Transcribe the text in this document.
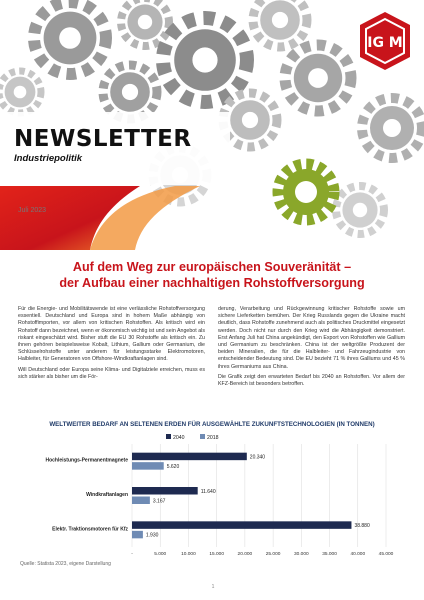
IG M
NEWSLETTER
Industriepolitik
Juli 2023
Auf dem Weg zur europäischen Souveränität –
der Aufbau einer nachhaltigen Rohstoffversorgung

Für die Energie- und Mobilitätswende ist eine verlässliche Rohstoffversorgung essentiell. Deutschland und Europa sind in hohem Maße abhängig von Rohstoffimporten, vor allem von kritischen Rohstoffen. Als kritisch wird ein Rohstoff dann bezeichnet, wenn er ökonomisch wichtig ist und sein Angebot als riskant eingeschätzt wird. Bisher stuft die EU 30 Rohstoffe als kritisch ein. Zu ihnen gehören beispielsweise Kobalt, Lithium, Gallium oder Germanium, die Schlüsselrohstoffe unter anderem für leistungsstarke Elektromotoren, Halbleiter, für Generatoren von Offshore-Windkraftanlagen sind.

Will Deutschland oder Europa seine Klima- und Digitalziele erreichen, muss es sich stärker als bisher um die För-

derung, Verarbeitung und Rückgewinnung kritischer Rohstoffe sowie um sichere Lieferketten bemühen. Der Krieg Russlands gegen die Ukraine macht deutlich, dass Rohstoffe zunehmend auch als politisches Druckmittel eingesetzt werden. Doch nicht nur durch den Krieg wird die Abhängigkeit demonstriert. Erst Anfang Juli hat China angekündigt, den Export von Rohstoffen wie Gallium und Germanium zu beschränken. China ist der weltgrößte Produzent der beiden Mineralien, die für die Halbleiter- und Fahrzeugindustrie von entscheidender Bedeutung sind. Die EU bezieht 71 % ihres Galliums und 45 % ihres Germaniums aus China.

Die Grafik zeigt den erwarteten Bedarf bis 2040 an Rohstoffen. Vor allem der KFZ-Bereich ist besonders betroffen.

WELTWEITER BEDARF AN SELTENEN ERDEN FÜR AUSGEWÄHLTE ZUKUNFTSTECHNOLOGIEN (IN TONNEN)
2040	2018
-	5.000	10.000	15.000	20.000	25.000	30.000	35.000	40.000	45.000
Hochleistungs-Permanentmagnete
20.340
5.620
Windkraftanlagen
11.640
3.167
Elektr. Traktionsmotoren für Kfz
38.880
1.930
Quelle: Statista 2023, eigene Darstellung
1
